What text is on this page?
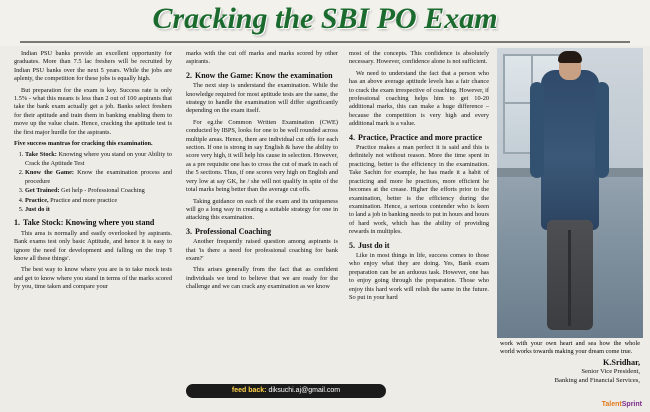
Cracking the SBI PO Exam

Indian PSU banks provide an excellent opportunity for graduates. More than 7.5 lac freshers will be recruited by Indian PSU banks over the next 5 years. While the jobs are aplenty, the competition for these jobs is equally high.

But preparation for the exam is key. Success rate is only 1.5% - what this means is less than 2 out of 100 aspirants that take the bank exam actually get a job. Banks select freshers for their aptitude and train them in banking enabling them to move up the value chain. Hence, cracking the aptitude test is the first major hurdle for the aspirants.

Five success mantras for cracking this examination.

1. Take Stock: Knowing where you stand on your Ability to Crack the Aptitude Test
2. Know the Game: Know the examination process and procedure
3. Get Trained: Get help - Professional Coaching
4. Practice, Practice and more practice
5. Just do it
1. Take Stock: Knowing where you stand

This area is normally and easily overlooked by aspirants. Bank exams test only basic Aptitude, and hence it is easy to ignore the need for development and falling on the trap 'I know all these things'.

The best way to know where you are is to take mock tests and get to know where you stand in terms of the marks scored by you, time taken and compare your

marks with the cut off marks and marks scored by other aspirants.

2. Know the Game: Know the examination

The next step is understand the examination. While the knowledge required for most aptitude tests are the same, the strategy to handle the examination will differ significantly depending on the exam itself.

For eg.the Common Written Examination (CWE) conducted by IBPS, looks for one to be well rounded across multiple areas. Hence, there are individual cut offs for each section. If one is strong in say English & have the ability to score very high, it will help his cause in selection. However, as a pre requisite one has to cross the cut of mark in each of the 5 sections. Thus, if one scores very high on English and very low at say GK, he / she will not qualify in spite of the total marks being better than the average cut offs.

Taking guidance on each of the exam and its uniqueness will go a long way in creating a suitable strategy for one in attacking this examination.

3. Professional Coaching

Another frequently raised question among aspirants is that 'is there a need for professional coaching for bank exam?'

This arises generally from the fact that as confident individuals we tend to believe that we are ready for the challenge and we can crack any examination as we know

most of the concepts. This confidence is absolutely necessary. However, confidence alone is not sufficient.

We need to understand the fact that a person who has an above average aptitude levels has a fair chance to crack the exam irrespective of coaching. However, if professional coaching helps him to get 10-20 additional marks, this can make a huge difference – because the competition is very high and every additional mark is a value.

4. Practice, Practice and more practice

Practice makes a man perfect it is said and this is definitely not without reason. More the time spent in practicing, better is the efficiency in the examination. Take Sachin for example, he has made it a habit of practicing and more he practices, more efficient he becomes at the crease. Higher the efforts prior to the examination, better is the efficiency during the examination. Hence, a serious contender who is keen to land a job in banking needs to put in hours and hours of hard work, which has the ability of providing rewards in multiples.

5. Just do it

Like in most things in life, success comes to those who enjoy what they are doing. Yes, Bank exam preparation can be an arduous task. However, one has to enjoy going through the preparation. Those who enjoy this hard work will relish the same in the future. So put in your hard

work with your own heart and sea how the whole world works towards making your dream come true.
K.Sridhar,
Senior Vice President,
Banking and Financial Services,
feed back: diksuchi.aj@gmail.com
TalentSprint
